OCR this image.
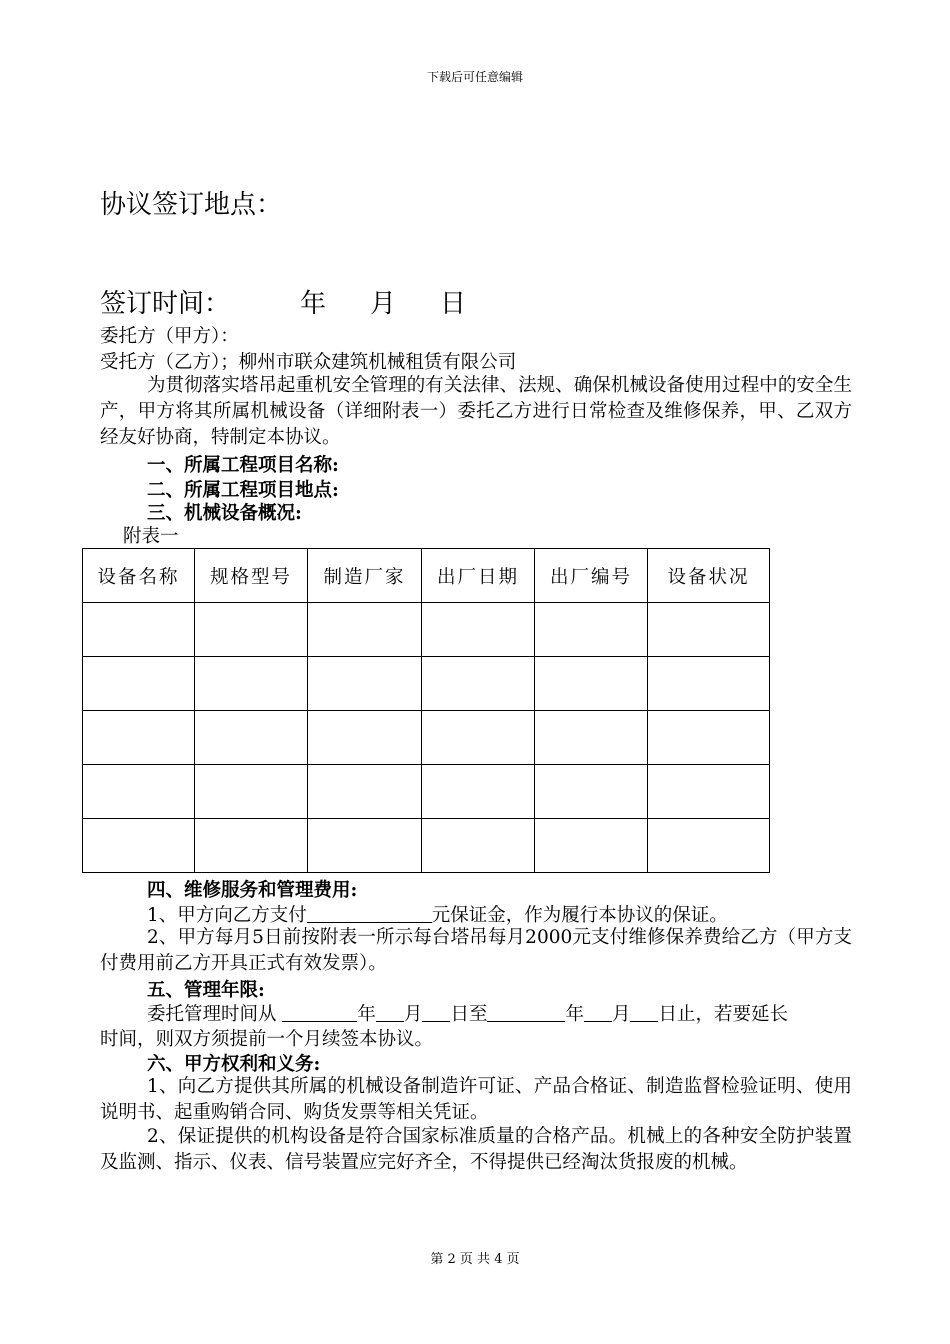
下载后可任意编辑
协议签订地点：
签订时间：	年 月 日
委托方（甲方）：
受托方（乙方）；柳州市联众建筑机械租赁有限公司
为贯彻落实塔吊起重机安全管理的有关法律、法规、确保机械设备使用过程中的安全生产，甲方将其所属机械设备（详细附表一）委托乙方进行日常检查及维修保养，甲、乙双方经友好协商，特制定本协议。
一、所属工程项目名称:
二、所属工程项目地点:
三、机械设备概况:
附表一
设备名称	规格型号	制造厂家	出厂日期	出厂编号	设备状况

四、维修服务和管理费用:
1、甲方向乙方支付	元保证金，作为履行本协议的保证。
2、甲方每月5日前按附表一所示每台塔吊每月2000元支付维修保养费给乙方（甲方支付费用前乙方开具正式有效发票）。
五、管理年限:
委托管理时间从	年 月 日至	年 月 日止，若要延长
时间，则双方须提前一个月续签本协议。
六、甲方权利和义务:
1、向乙方提供其所属的机械设备制造许可证、产品合格证、制造监督检验证明、使用说明书、起重购销合同、购货发票等相关凭证。
2、保证提供的机构设备是符合国家标准质量的合格产品。机械上的各种安全防护装置及监测、指示、仪表、信号装置应完好齐全，不得提供已经淘汰货报废的机械。
第 2 页 共 4 页
